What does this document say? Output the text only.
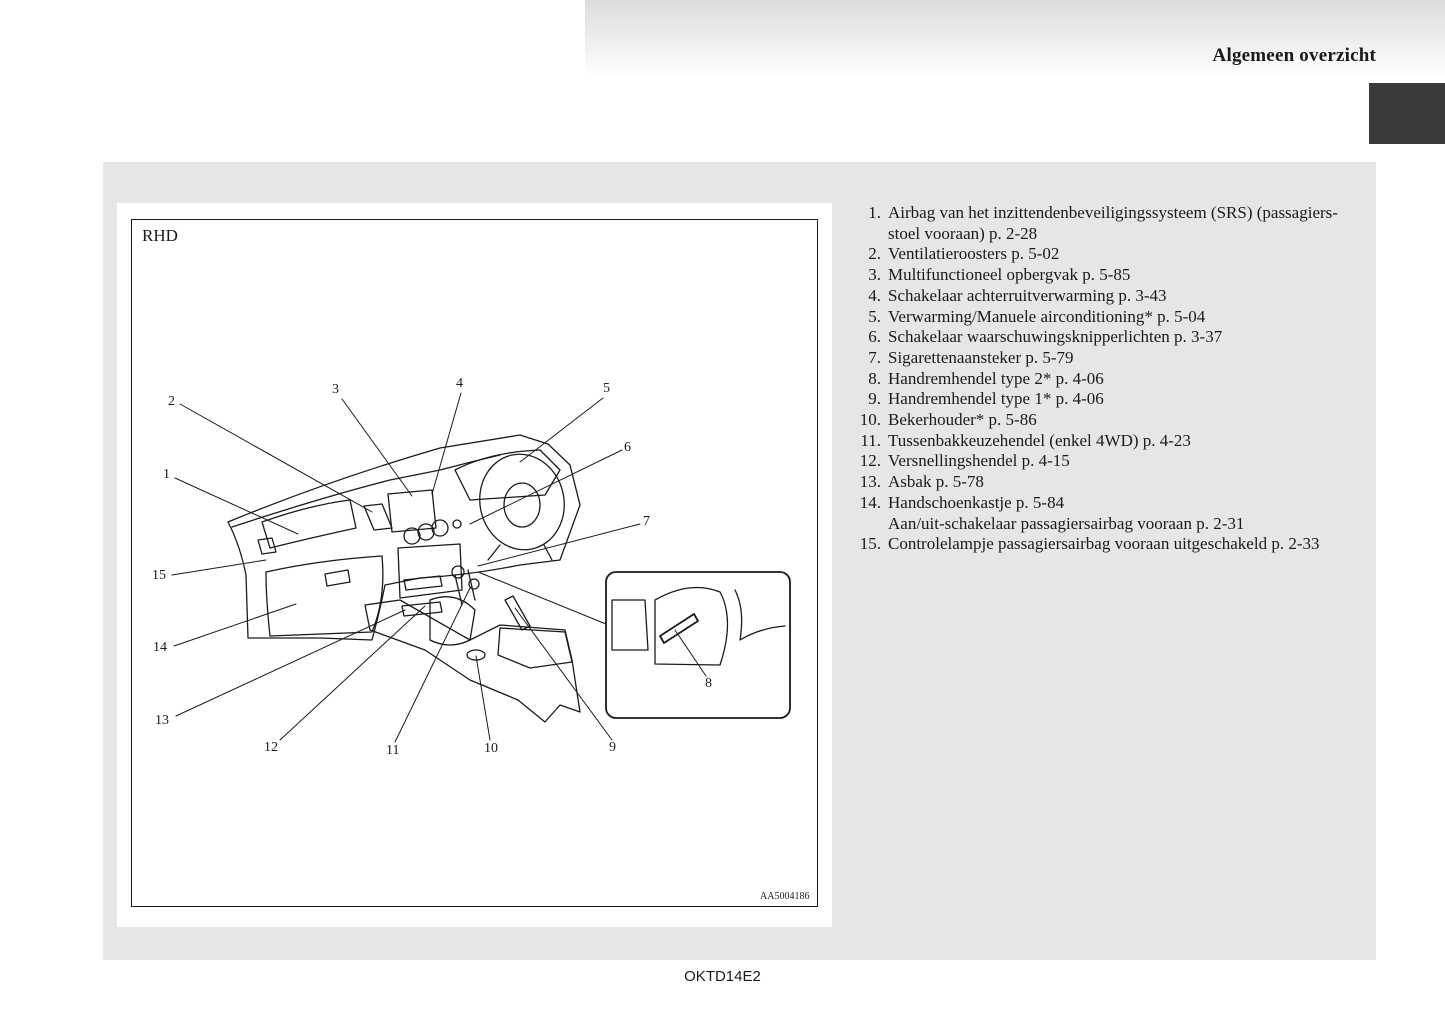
Algemeen overzicht
RHD
AA5004186
1
2
3	4	5
6
7
8
9
10
11
12
13
14
15
1. Airbag van het inzittendenbeveiligingssysteem (SRS) (passagiers-
stoel vooraan) p. 2-28
2. Ventilatieroosters p. 5-02
3. Multifunctioneel opbergvak p. 5-85
4. Schakelaar achterruitverwarming p. 3-43
5. Verwarming/Manuele airconditioning* p. 5-04
6. Schakelaar waarschuwingsknipperlichten p. 3-37
7. Sigarettenaansteker p. 5-79
8. Handremhendel type 2* p. 4-06
9. Handremhendel type 1* p. 4-06
10. Bekerhouder* p. 5-86
11. Tussenbakkeuzehendel (enkel 4WD) p. 4-23
12. Versnellingshendel p. 4-15
13. Asbak p. 5-78
14. Handschoenkastje p. 5-84
Aan/uit-schakelaar passagiersairbag vooraan p. 2-31
15. Controlelampje passagiersairbag vooraan uitgeschakeld p. 2-33
OKTD14E2
